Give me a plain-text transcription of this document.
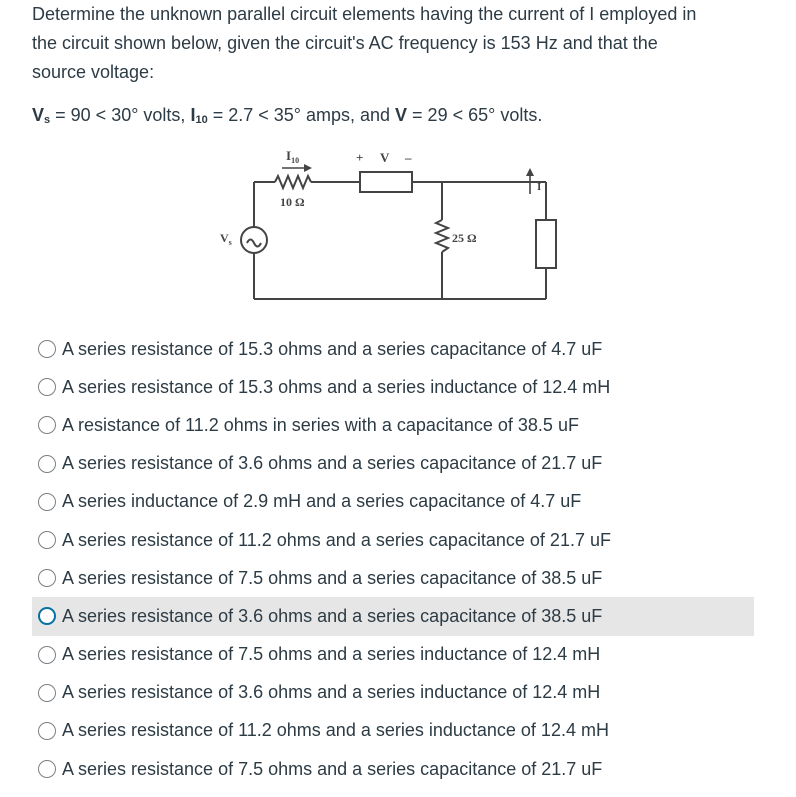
Determine the unknown parallel circuit elements having the current of I employed in
the circuit shown below, given the circuit's AC frequency is 153 Hz and that the
source voltage:

$V_s = 90 < 30^\circ$ volts, $I_{10} = 2.7 < 35^\circ$ amps, and V = 29 < 65° volts.
$I_{10}$
10 Ω
+ V –
25 Ω
I
$V_s$
A series resistance of 15.3 ohms and a series capacitance of 4.7 uF
A series resistance of 15.3 ohms and a series inductance of 12.4 mH
A resistance of 11.2 ohms in series with a capacitance of 38.5 uF
A series resistance of 3.6 ohms and a series capacitance of 21.7 uF
A series inductance of 2.9 mH and a series capacitance of 4.7 uF
A series resistance of 11.2 ohms and a series capacitance of 21.7 uF
A series resistance of 7.5 ohms and a series capacitance of 38.5 uF
A series resistance of 3.6 ohms and a series capacitance of 38.5 uF
A series resistance of 7.5 ohms and a series inductance of 12.4 mH
A series resistance of 3.6 ohms and a series inductance of 12.4 mH
A series resistance of 11.2 ohms and a series inductance of 12.4 mH
A series resistance of 7.5 ohms and a series capacitance of 21.7 uF
